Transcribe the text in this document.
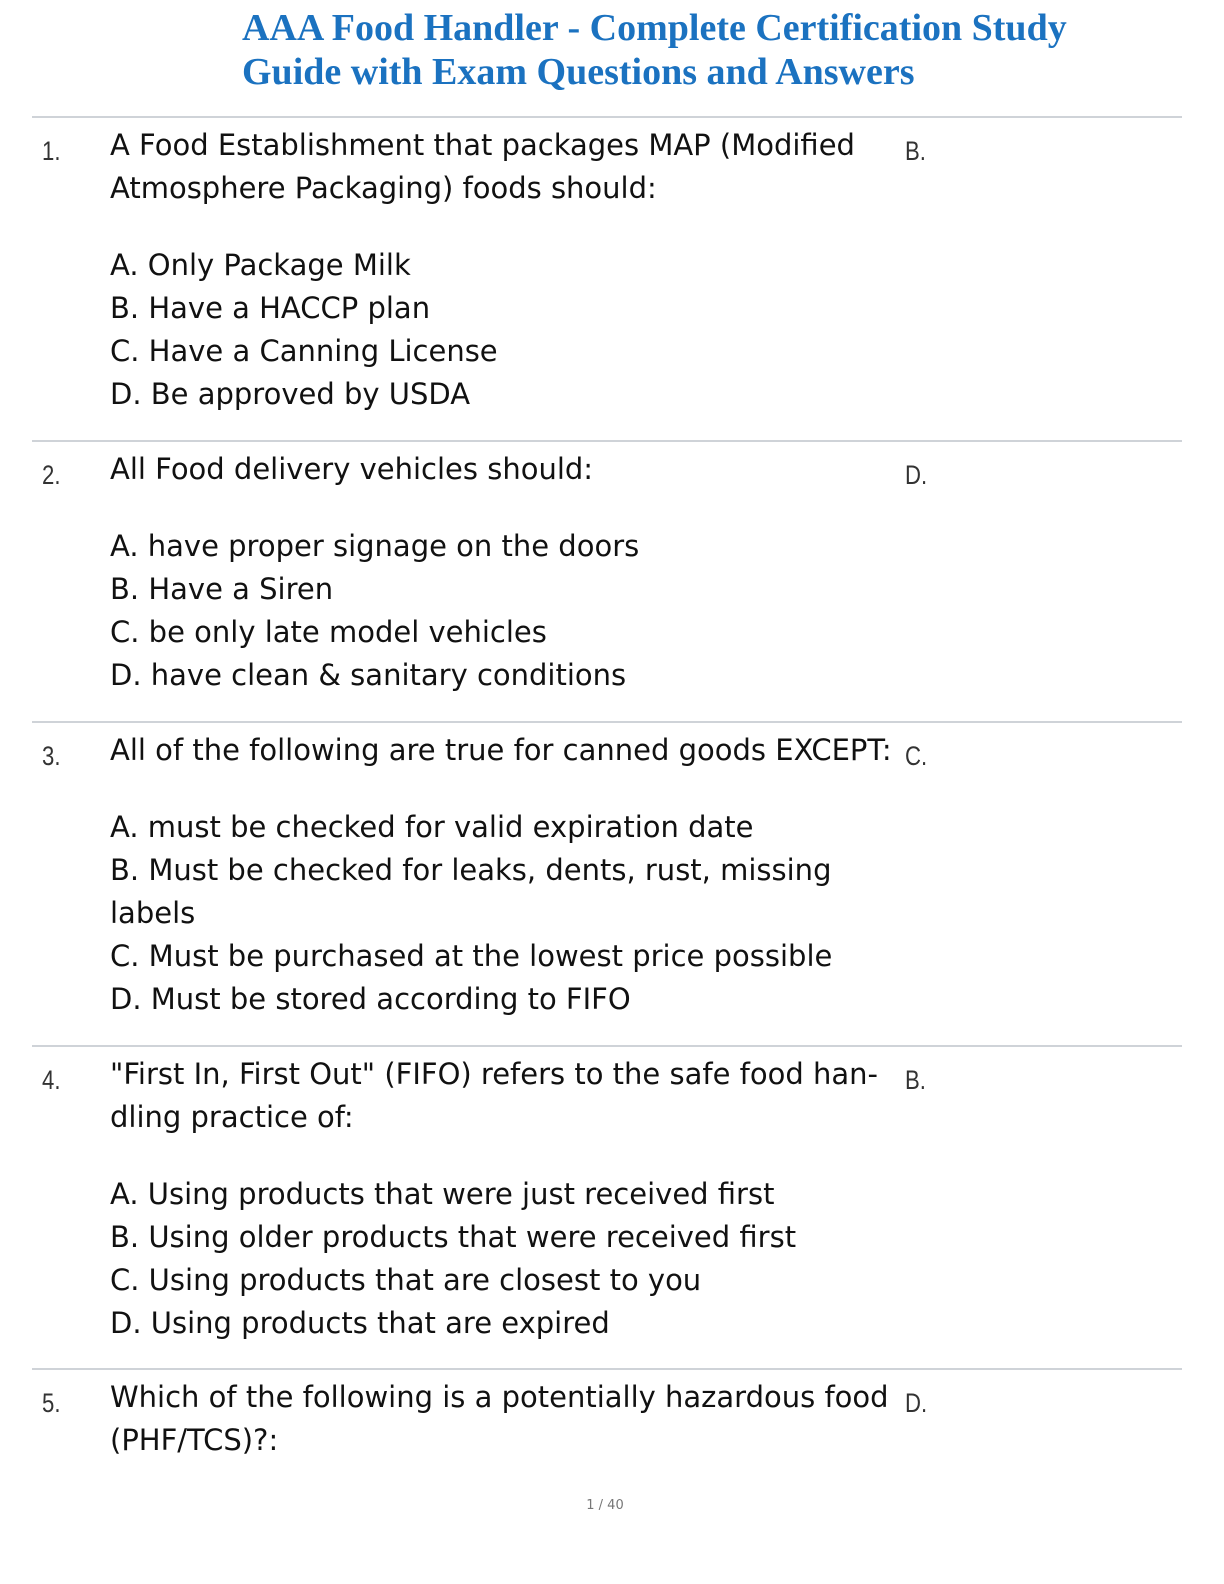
AAA Food Handler - Complete Certification Study Guide with Exam Questions and Answers
1. A Food Establishment that packages MAP (Modified Atmosphere Packaging) foods should:

A. Only Package Milk

B. Have a HACCP plan

C. Have a Canning License

D. Be approved by USDA

B.
2. All Food delivery vehicles should:

A. have proper signage on the doors

B. Have a Siren

C. be only late model vehicles

D. have clean & sanitary conditions

D.
3. All of the following are true for canned goods EXCEPT:

A. must be checked for valid expiration date

B. Must be checked for leaks, dents, rust, missing labels

C. Must be purchased at the lowest price possible

D. Must be stored according to FIFO

C.
4. "First In, First Out" (FIFO) refers to the safe food han-dling practice of:

A. Using products that were just received first

B. Using older products that were received first

C. Using products that are closest to you

D. Using products that are expired

B.
5. Which of the following is a potentially hazardous food (PHF/TCS)?:

D.
1 / 40
